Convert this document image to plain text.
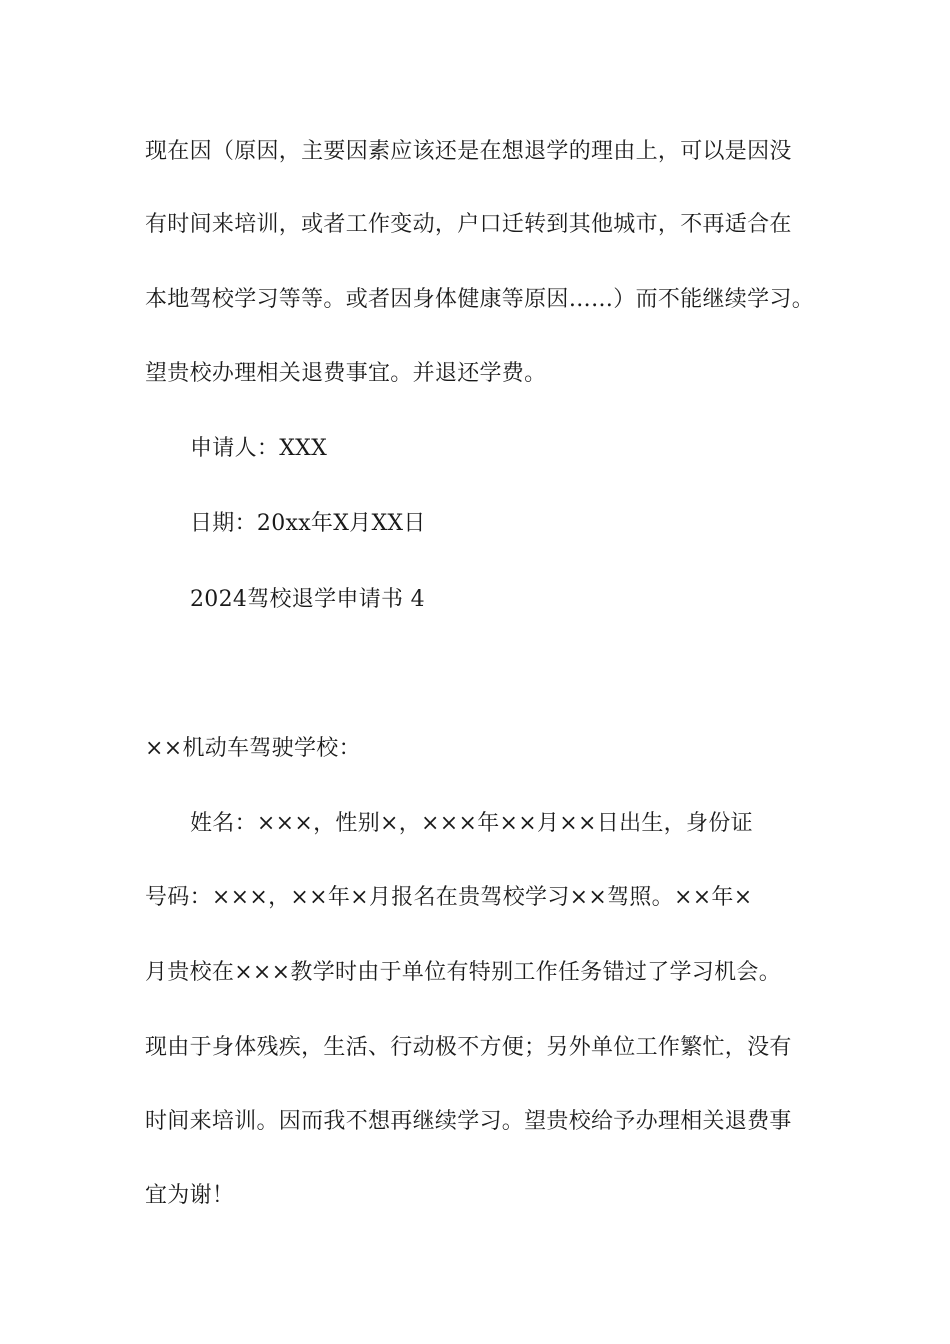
现在因（原因，主要因素应该还是在想退学的理由上，可以是因没
有时间来培训，或者工作变动，户口迁转到其他城市，不再适合在
本地驾校学习等等。或者因身体健康等原因……）而不能继续学习。
望贵校办理相关退费事宜。并退还学费。
申请人：XXX
日期：20xx年X月XX日
2024驾校退学申请书 4
××机动车驾驶学校：
姓名：×××，性别×，×××年××月××日出生，身份证
号码：×××，××年×月报名在贵驾校学习××驾照。××年×
月贵校在×××教学时由于单位有特别工作任务错过了学习机会。
现由于身体残疾，生活、行动极不方便；另外单位工作繁忙，没有
时间来培训。因而我不想再继续学习。望贵校给予办理相关退费事
宜为谢！
